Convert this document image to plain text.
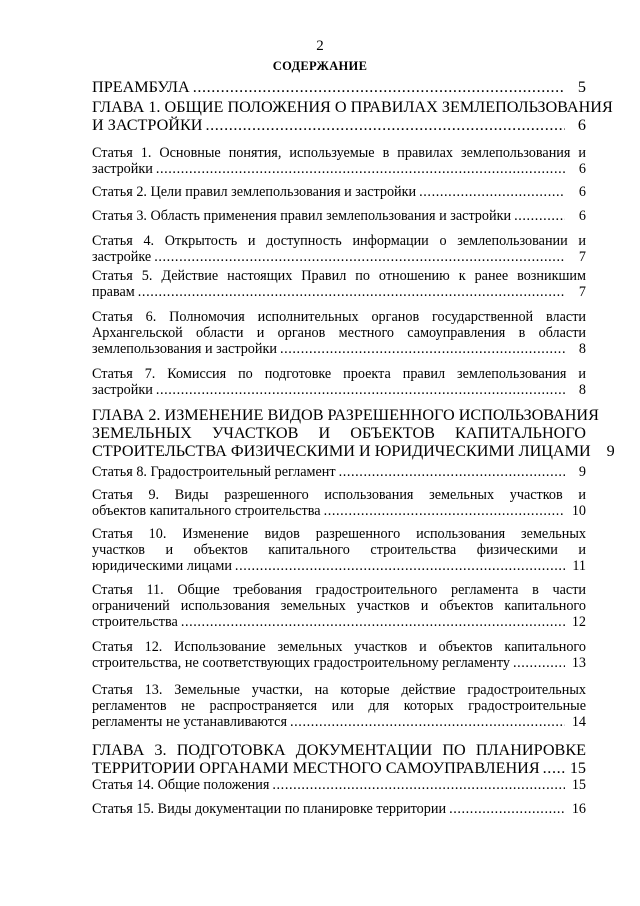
2
СОДЕРЖАНИЕ
ПРЕАМБУЛА .....	5
ГЛАВА 1. ОБЩИЕ ПОЛОЖЕНИЯ О ПРАВИЛАХ ЗЕМЛЕПОЛЬЗОВАНИЯ
И ЗАСТРОЙКИ .....	6
Статья 1. Основные понятия, используемые в правилах землепользования и
застройки .....	6
Статья 2. Цели правил землепользования и застройки .....	6
Статья 3. Область применения правил землепользования и застройки .....	6
Статья 4. Открытость и доступность информации о землепользовании и
застройке .....	7
Статья 5. Действие настоящих Правил по отношению к ранее возникшим
правам .....	7
Статья 6. Полномочия исполнительных органов государственной власти
Архангельской области и органов местного самоуправления в области
землепользования и застройки .....	8
Статья 7. Комиссия по подготовке проекта правил землепользования и
застройки .....	8
ГЛАВА 2. ИЗМЕНЕНИЕ ВИДОВ РАЗРЕШЕННОГО ИСПОЛЬЗОВАНИЯ
ЗЕМЕЛЬНЫХ УЧАСТКОВ И ОБЪЕКТОВ КАПИТАЛЬНОГО
СТРОИТЕЛЬСТВА ФИЗИЧЕСКИМИ И ЮРИДИЧЕСКИМИ ЛИЦАМИ 9
Статья 8. Градостроительный регламент .....	9
Статья 9. Виды разрешенного использования земельных участков и
объектов капитального строительства .....	10
Статья 10. Изменение видов разрешенного использования земельных
участков и объектов капитального строительства физическими и
юридическими лицами .....	11
Статья 11. Общие требования градостроительного регламента в части
ограничений использования земельных участков и объектов капитального
строительства .....	12
Статья 12. Использование земельных участков и объектов капитального
строительства, не соответствующих градостроительному регламенту .....	13
Статья 13. Земельные участки, на которые действие градостроительных
регламентов не распространяется или для которых градостроительные
регламенты не устанавливаются .....	14
ГЛАВА 3. ПОДГОТОВКА ДОКУМЕНТАЦИИ ПО ПЛАНИРОВКЕ
ТЕРРИТОРИИ ОРГАНАМИ МЕСТНОГО САМОУПРАВЛЕНИЯ ..... 15
Статья 14. Общие положения .....	15
Статья 15. Виды документации по планировке территории .....	16
